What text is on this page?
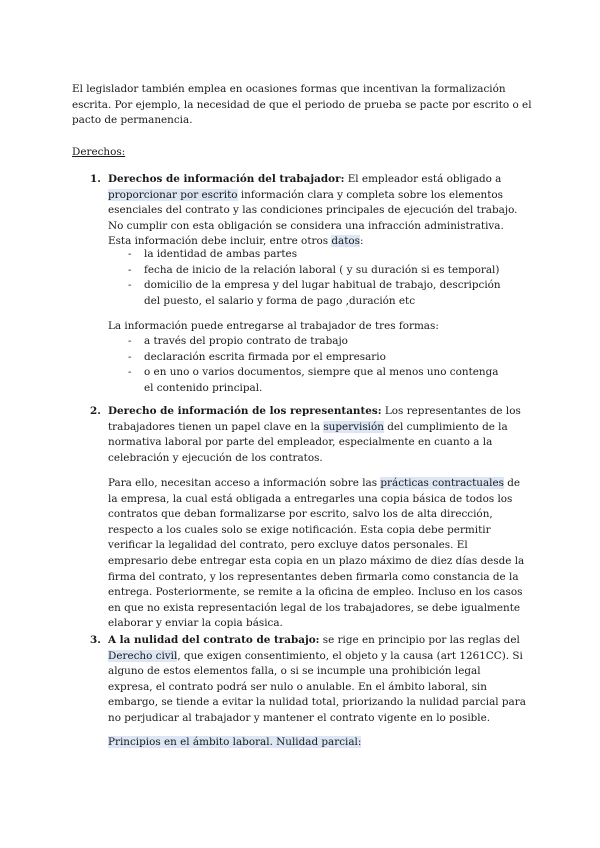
El legislador también emplea en ocasiones formas que incentivan la formalización escrita. Por ejemplo, la necesidad de que el periodo de prueba se pacte por escrito o el pacto de permanencia.

Derechos:

1. Derechos de información del trabajador: El empleador está obligado a proporcionar por escrito información clara y completa sobre los elementos esenciales del contrato y las condiciones principales de ejecución del trabajo. No cumplir con esta obligación se considera una infracción administrativa. Esta información debe incluir, entre otros datos:

- la identidad de ambas partes
- fecha de inicio de la relación laboral ( y su duración si es temporal)
- domicilio de la empresa y del lugar habitual de trabajo, descripción del puesto, el salario y forma de pago ,duración etc

La información puede entregarse al trabajador de tres formas:

- a través del propio contrato de trabajo
- declaración escrita firmada por el empresario
- o en uno o varios documentos, siempre que al menos uno contenga el contenido principal.
2. Derecho de información de los representantes: Los representantes de los trabajadores tienen un papel clave en la supervisión del cumplimiento de la normativa laboral por parte del empleador, especialmente en cuanto a la celebración y ejecución de los contratos.

Para ello, necesitan acceso a información sobre las prácticas contractuales de la empresa, la cual está obligada a entregarles una copia básica de todos los contratos que deban formalizarse por escrito, salvo los de alta dirección, respecto a los cuales solo se exige notificación. Esta copia debe permitir verificar la legalidad del contrato, pero excluye datos personales. El empresario debe entregar esta copia en un plazo máximo de diez días desde la firma del contrato, y los representantes deben firmarla como constancia de la entrega. Posteriormente, se remite a la oficina de empleo. Incluso en los casos en que no exista representación legal de los trabajadores, se debe igualmente elaborar y enviar la copia básica.

3. A la nulidad del contrato de trabajo: se rige en principio por las reglas del Derecho civil, que exigen consentimiento, el objeto y la causa (art 1261CC). Si alguno de estos elementos falla, o si se incumple una prohibición legal expresa, el contrato podrá ser nulo o anulable. En el ámbito laboral, sin embargo, se tiende a evitar la nulidad total, priorizando la nulidad parcial para no perjudicar al trabajador y mantener el contrato vigente en lo posible.

Principios en el ámbito laboral. Nulidad parcial:
